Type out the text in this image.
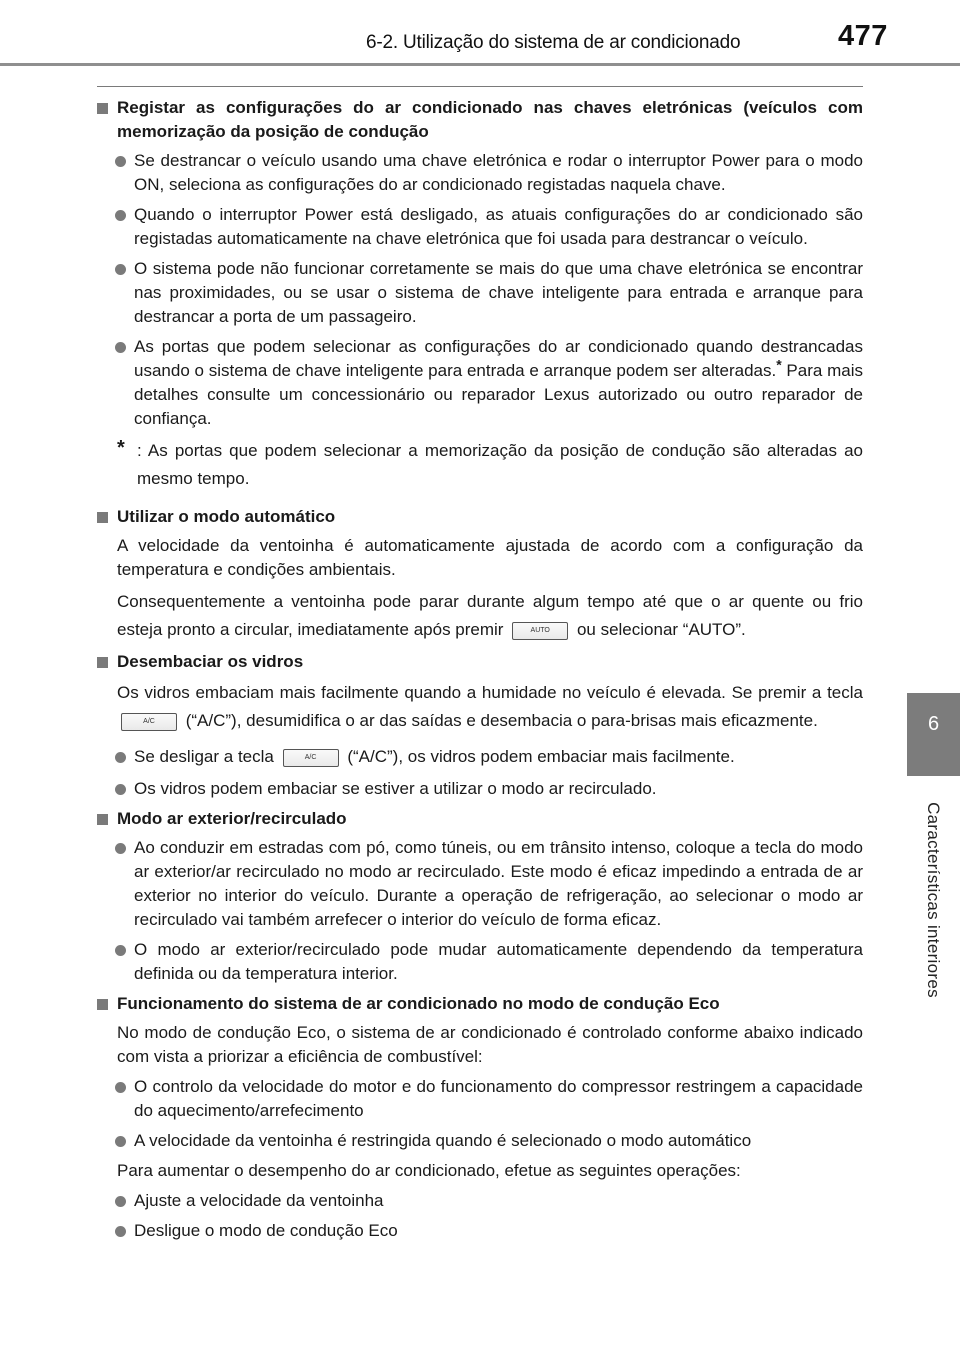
6-2. Utilização do sistema de ar condicionado	477
6
Características interiores

Registar as configurações do ar condicionado nas chaves eletrónicas (veículos com memorização da posição de condução

Se destrancar o veículo usando uma chave eletrónica e rodar o interruptor Power para o modo ON, seleciona as configurações do ar condicionado registadas naquela chave.

Quando o interruptor Power está desligado, as atuais configurações do ar condicionado são registadas automaticamente na chave eletrónica que foi usada para destrancar o veículo.

O sistema pode não funcionar corretamente se mais do que uma chave eletrónica se encontrar nas proximidades, ou se usar o sistema de chave inteligente para entrada e arranque para destrancar a porta de um passageiro.

As portas que podem selecionar as configurações do ar condicionado quando destrancadas usando o sistema de chave inteligente para entrada e arranque podem ser alteradas.* Para mais detalhes consulte um concessionário ou reparador Lexus autorizado ou outro reparador de confiança.

* : As portas que podem selecionar a memorização da posição de condução são alteradas ao mesmo tempo.

Utilizar o modo automático

A velocidade da ventoinha é automaticamente ajustada de acordo com a configuração da temperatura e condições ambientais.

Consequentemente a ventoinha pode parar durante algum tempo até que o ar quente ou frio esteja pronto a circular, imediatamente após premir	AUTO ou selecionar “AUTO”.

Desembaciar os vidros

Os vidros embaciam mais facilmente quando a humidade no veículo é elevada. Se premir a tecla A/C (“A/C”), desumidifica o ar das saídas e desembacia o para-brisas mais eficazmente.

Se desligar a tecla	A/C (“A/C”), os vidros podem embaciar mais facilmente.

Os vidros podem embaciar se estiver a utilizar o modo ar recirculado.

Modo ar exterior/recirculado

Ao conduzir em estradas com pó, como túneis, ou em trânsito intenso, coloque a tecla do modo ar exterior/ar recirculado no modo ar recirculado. Este modo é eficaz impedindo a entrada de ar exterior no interior do veículo. Durante a operação de refrigeração, ao selecionar o modo ar recirculado vai também arrefecer o interior do veículo de forma eficaz.

O modo ar exterior/recirculado pode mudar automaticamente dependendo da temperatura definida ou da temperatura interior.

Funcionamento do sistema de ar condicionado no modo de condução Eco

No modo de condução Eco, o sistema de ar condicionado é controlado conforme abaixo indicado com vista a priorizar a eficiência de combustível:

O controlo da velocidade do motor e do funcionamento do compressor restringem a capacidade do aquecimento/arrefecimento

A velocidade da ventoinha é restringida quando é selecionado o modo automático

Para aumentar o desempenho do ar condicionado, efetue as seguintes operações:

Ajuste a velocidade da ventoinha

Desligue o modo de condução Eco
